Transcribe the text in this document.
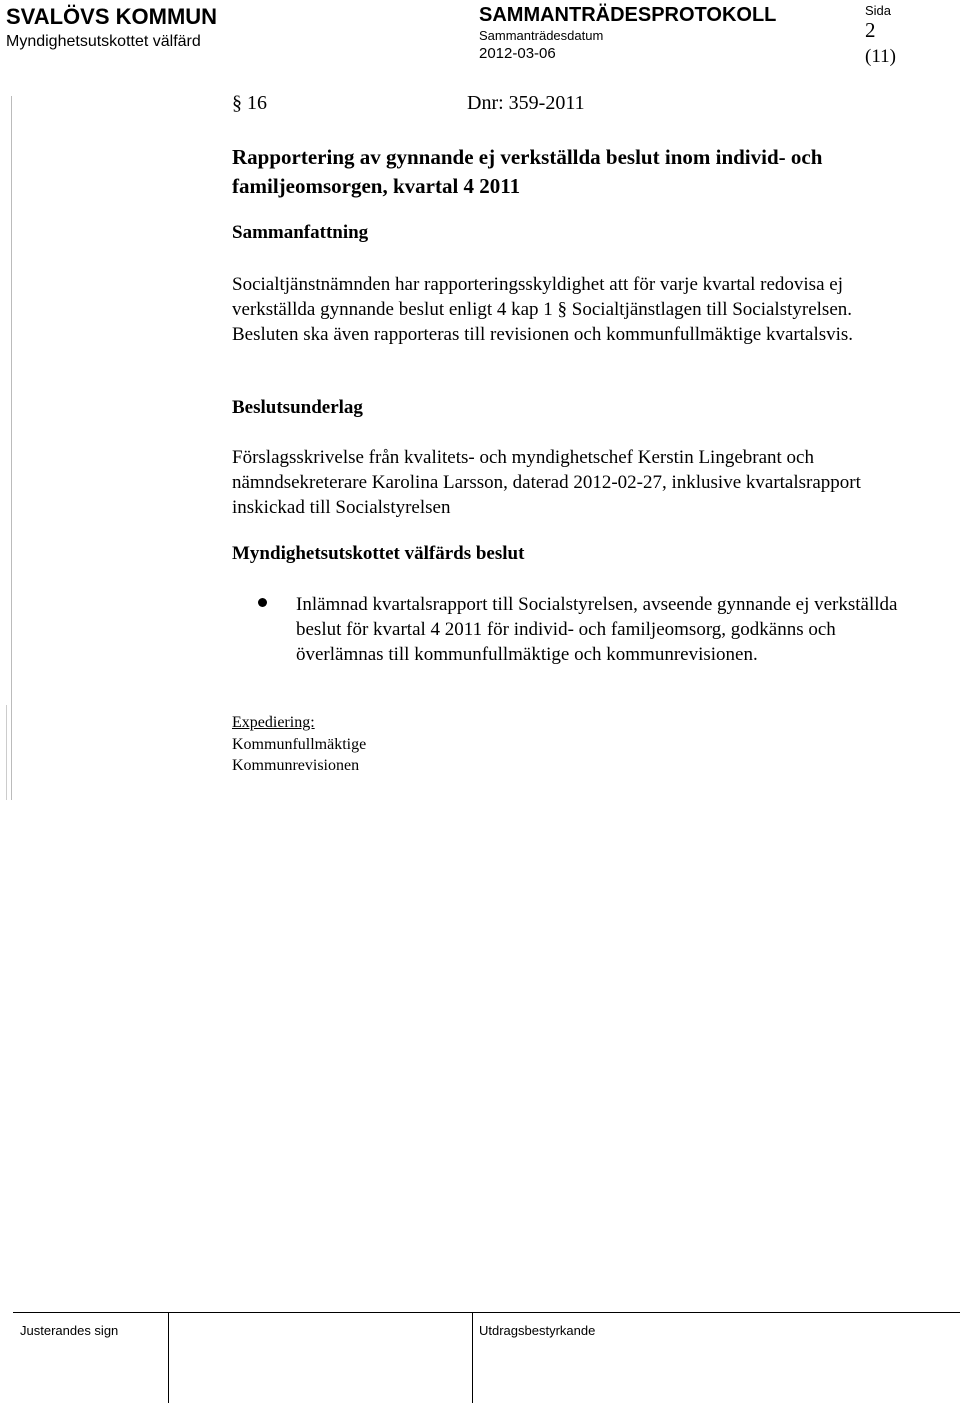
SVALÖVS KOMMUN
Myndighetsutskottet välfärd
SAMMANTRÄDESPROTOKOLL
Sammanträdesdatum
2012-03-06
Sida
2
(11)
§ 16	Dnr: 359-2011
Rapportering av gynnande ej verkställda beslut inom individ- och familjeomsorgen, kvartal 4 2011
Sammanfattning
Socialtjänstnämnden har rapporteringsskyldighet att för varje kvartal redovisa ej verkställda gynnande beslut enligt 4 kap 1 § Socialtjänstlagen till Socialstyrelsen. Besluten ska även rapporteras till revisionen och kommunfullmäktige kvartalsvis.
Beslutsunderlag
Förslagsskrivelse från kvalitets- och myndighetschef Kerstin Lingebrant och nämndsekreterare Karolina Larsson, daterad 2012-02-27, inklusive kvartalsrapport inskickad till Socialstyrelsen
Myndighetsutskottet välfärds beslut
Inlämnad kvartalsrapport till Socialstyrelsen, avseende gynnande ej verkställda beslut för kvartal 4 2011 för individ- och familjeomsorg, godkänns och överlämnas till kommunfullmäktige och kommunrevisionen.
Expediering:
Kommunfullmäktige
Kommunrevisionen
Justerandes sign	Utdragsbestyrkande
